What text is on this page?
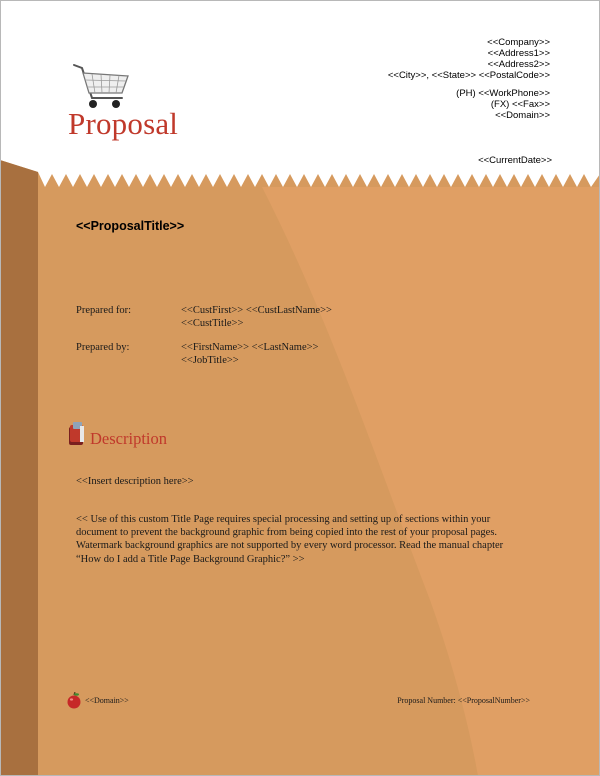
<<Company>>
<<Address1>>
<<Address2>>
<<City>>, <<State>> <<PostalCode>>
(PH) <<WorkPhone>>
(FX) <<Fax>>
<<Domain>>
Proposal
<<CurrentDate>>
<<ProposalTitle>>
Prepared for:	<<CustFirst>> <<CustLastName>>
<<CustTitle>>
Prepared by:	<<FirstName>> <<LastName>>
<<JobTitle>>
Description
<<Insert description here>>
<< Use of this custom Title Page requires special processing and setting up of sections within your
document to prevent the background graphic from being copied into the rest of your proposal pages.
Watermark background graphics are not supported by every word processor. Read the manual chapter
“How do I add a Title Page Background Graphic?” >>
<<Domain>>	Proposal Number: <<ProposalNumber>>
